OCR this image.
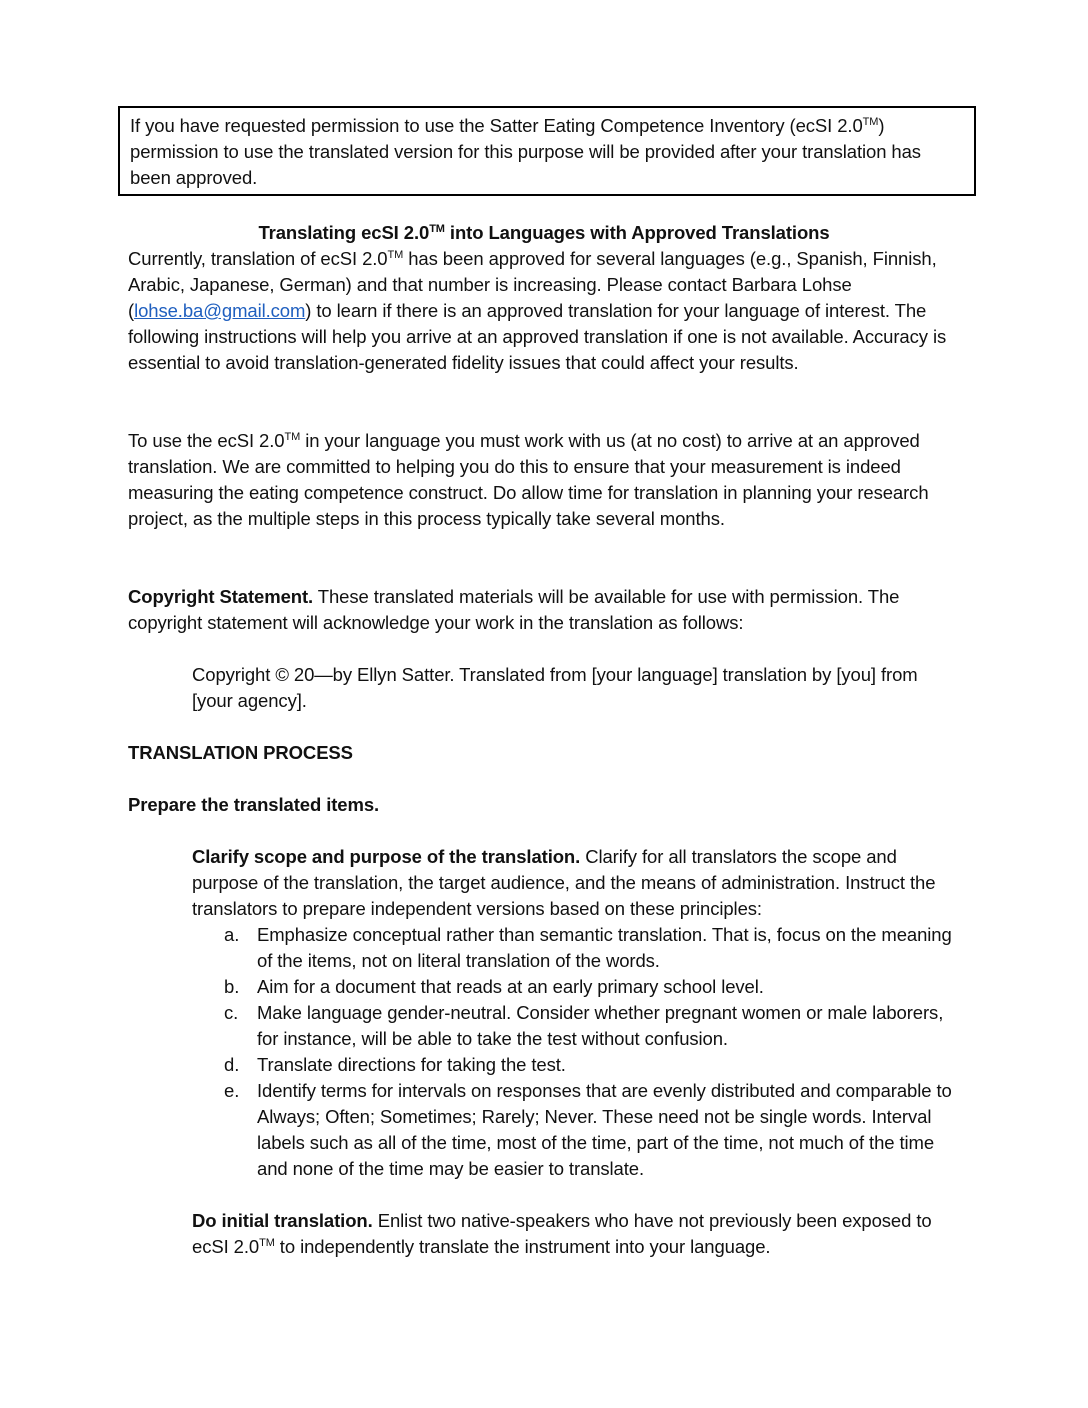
If you have requested permission to use the Satter Eating Competence Inventory (ecSI 2.0™) permission to use the translated version for this purpose will be provided after your translation has been approved.

Translating ecSI 2.0™ into Languages with Approved Translations

Currently, translation of ecSI 2.0™ has been approved for several languages (e.g., Spanish, Finnish, Arabic, Japanese, German) and that number is increasing. Please contact Barbara Lohse (lohse.ba@gmail.com) to learn if there is an approved translation for your language of interest. The following instructions will help you arrive at an approved translation if one is not available. Accuracy is essential to avoid translation-generated fidelity issues that could affect your results.

To use the ecSI 2.0™ in your language you must work with us (at no cost) to arrive at an approved translation. We are committed to helping you do this to ensure that your measurement is indeed measuring the eating competence construct. Do allow time for translation in planning your research project, as the multiple steps in this process typically take several months.

Copyright Statement. These translated materials will be available for use with permission. The copyright statement will acknowledge your work in the translation as follows:

Copyright © 20—by Ellyn Satter. Translated from [your language] translation by [you] from [your agency].

TRANSLATION PROCESS

Prepare the translated items.

Clarify scope and purpose of the translation. Clarify for all translators the scope and purpose of the translation, the target audience, and the means of administration. Instruct the translators to prepare independent versions based on these principles:

a. Emphasize conceptual rather than semantic translation. That is, focus on the meaning of the items, not on literal translation of the words.
b. Aim for a document that reads at an early primary school level.
c. Make language gender-neutral. Consider whether pregnant women or male laborers, for instance, will be able to take the test without confusion.
d. Translate directions for taking the test.
e. Identify terms for intervals on responses that are evenly distributed and comparable to Always; Often; Sometimes; Rarely; Never. These need not be single words. Interval labels such as all of the time, most of the time, part of the time, not much of the time and none of the time may be easier to translate.

Do initial translation. Enlist two native-speakers who have not previously been exposed to ecSI 2.0™ to independently translate the instrument into your language.
